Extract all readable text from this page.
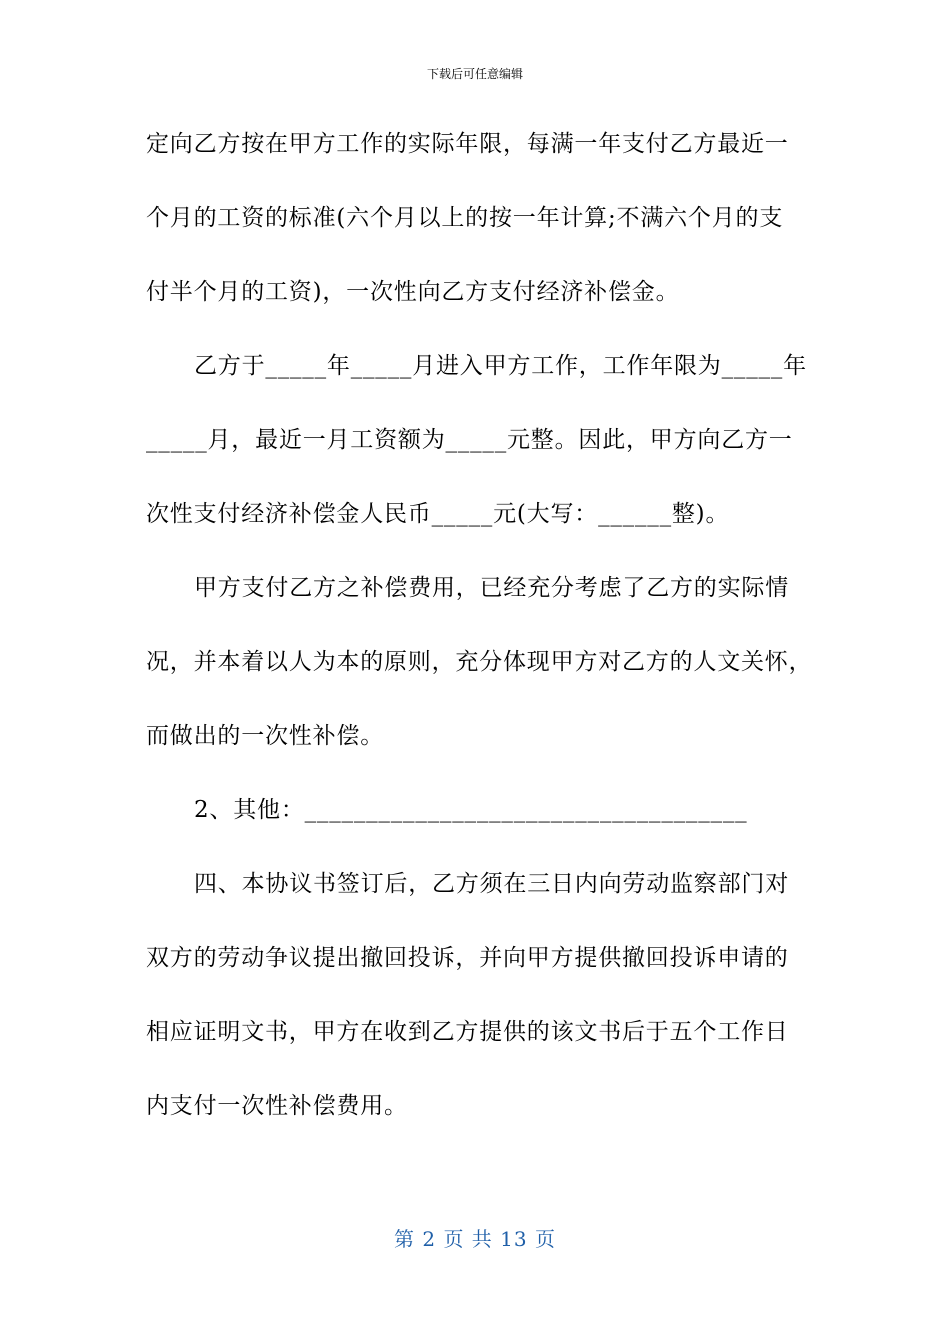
下载后可任意编辑
定向乙方按在甲方工作的实际年限，每满一年支付乙方最近一
个月的工资的标准(六个月以上的按一年计算;不满六个月的支
付半个月的工资)，一次性向乙方支付经济补偿金。
乙方于_____年_____月进入甲方工作，工作年限为_____年
_____月，最近一月工资额为_____元整。因此，甲方向乙方一
次性支付经济补偿金人民币_____元(大写：______整)。
甲方支付乙方之补偿费用，已经充分考虑了乙方的实际情
况，并本着以人为本的原则，充分体现甲方对乙方的人文关怀，
而做出的一次性补偿。
2、其他：____________________________________
四、本协议书签订后，乙方须在三日内向劳动监察部门对
双方的劳动争议提出撤回投诉，并向甲方提供撤回投诉申请的
相应证明文书，甲方在收到乙方提供的该文书后于五个工作日
内支付一次性补偿费用。
第 2 页 共 13 页
